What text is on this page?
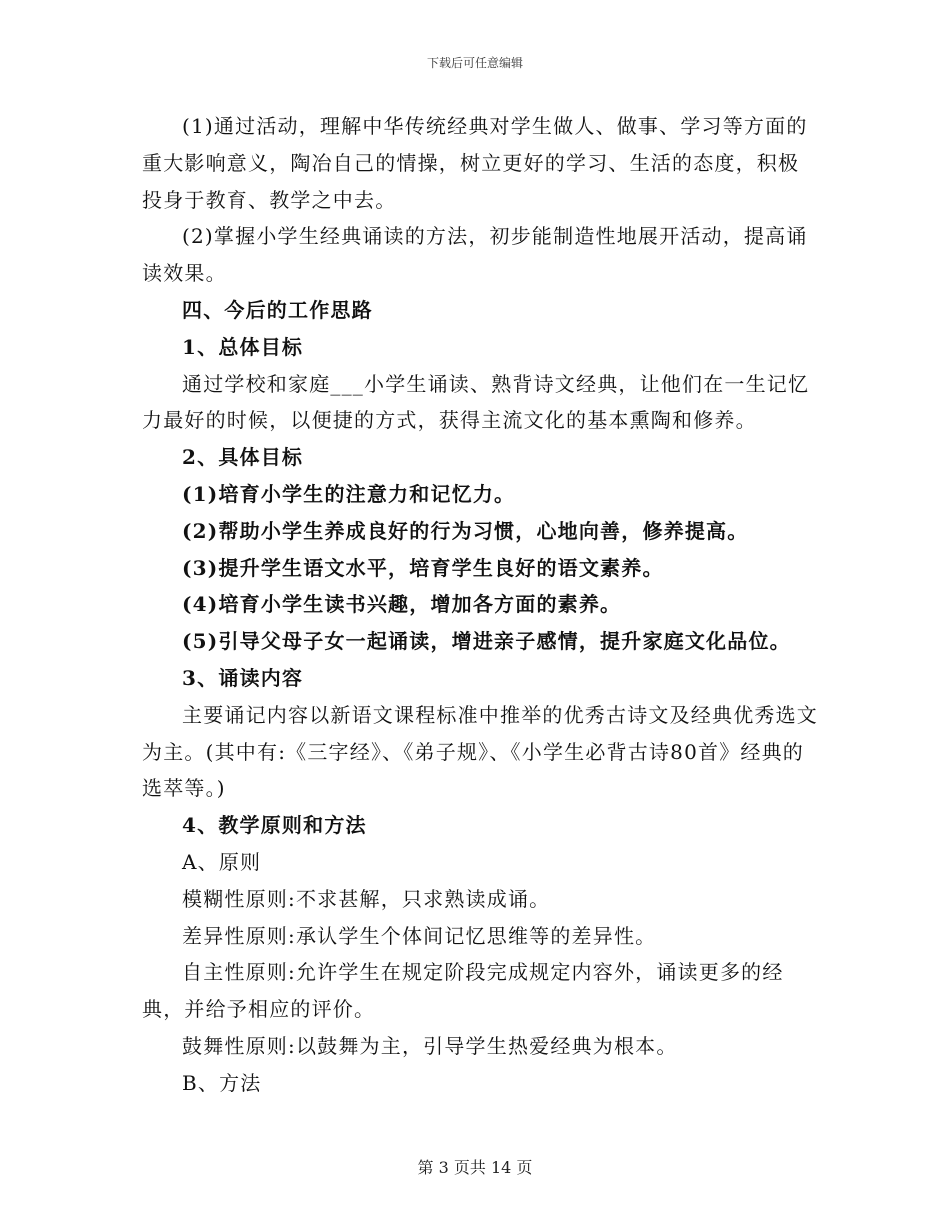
下载后可任意编辑

(1)通过活动，理解中华传统经典对学生做人、做事、学习等方面的重大影响意义，陶冶自己的情操，树立更好的学习、生活的态度，积极投身于教育、教学之中去。

(2)掌握小学生经典诵读的方法，初步能制造性地展开活动，提高诵读效果。

四、今后的工作思路

1、总体目标

通过学校和家庭___小学生诵读、熟背诗文经典，让他们在一生记忆力最好的时候，以便捷的方式，获得主流文化的基本熏陶和修养。

2、具体目标

(1)培育小学生的注意力和记忆力。

(2)帮助小学生养成良好的行为习惯，心地向善，修养提高。

(3)提升学生语文水平，培育学生良好的语文素养。

(4)培育小学生读书兴趣，增加各方面的素养。

(5)引导父母子女一起诵读，增进亲子感情，提升家庭文化品位。

3、诵读内容

主要诵记内容以新语文课程标准中推举的优秀古诗文及经典优秀选文为主。(其中有:《三字经》、《弟子规》、《小学生必背古诗80首》经典的选萃等。)

4、教学原则和方法

A、原则

模糊性原则:不求甚解，只求熟读成诵。

差异性原则:承认学生个体间记忆思维等的差异性。

自主性原则:允许学生在规定阶段完成规定内容外，诵读更多的经典，并给予相应的评价。

鼓舞性原则:以鼓舞为主，引导学生热爱经典为根本。

B、方法

第 3 页共 14 页
